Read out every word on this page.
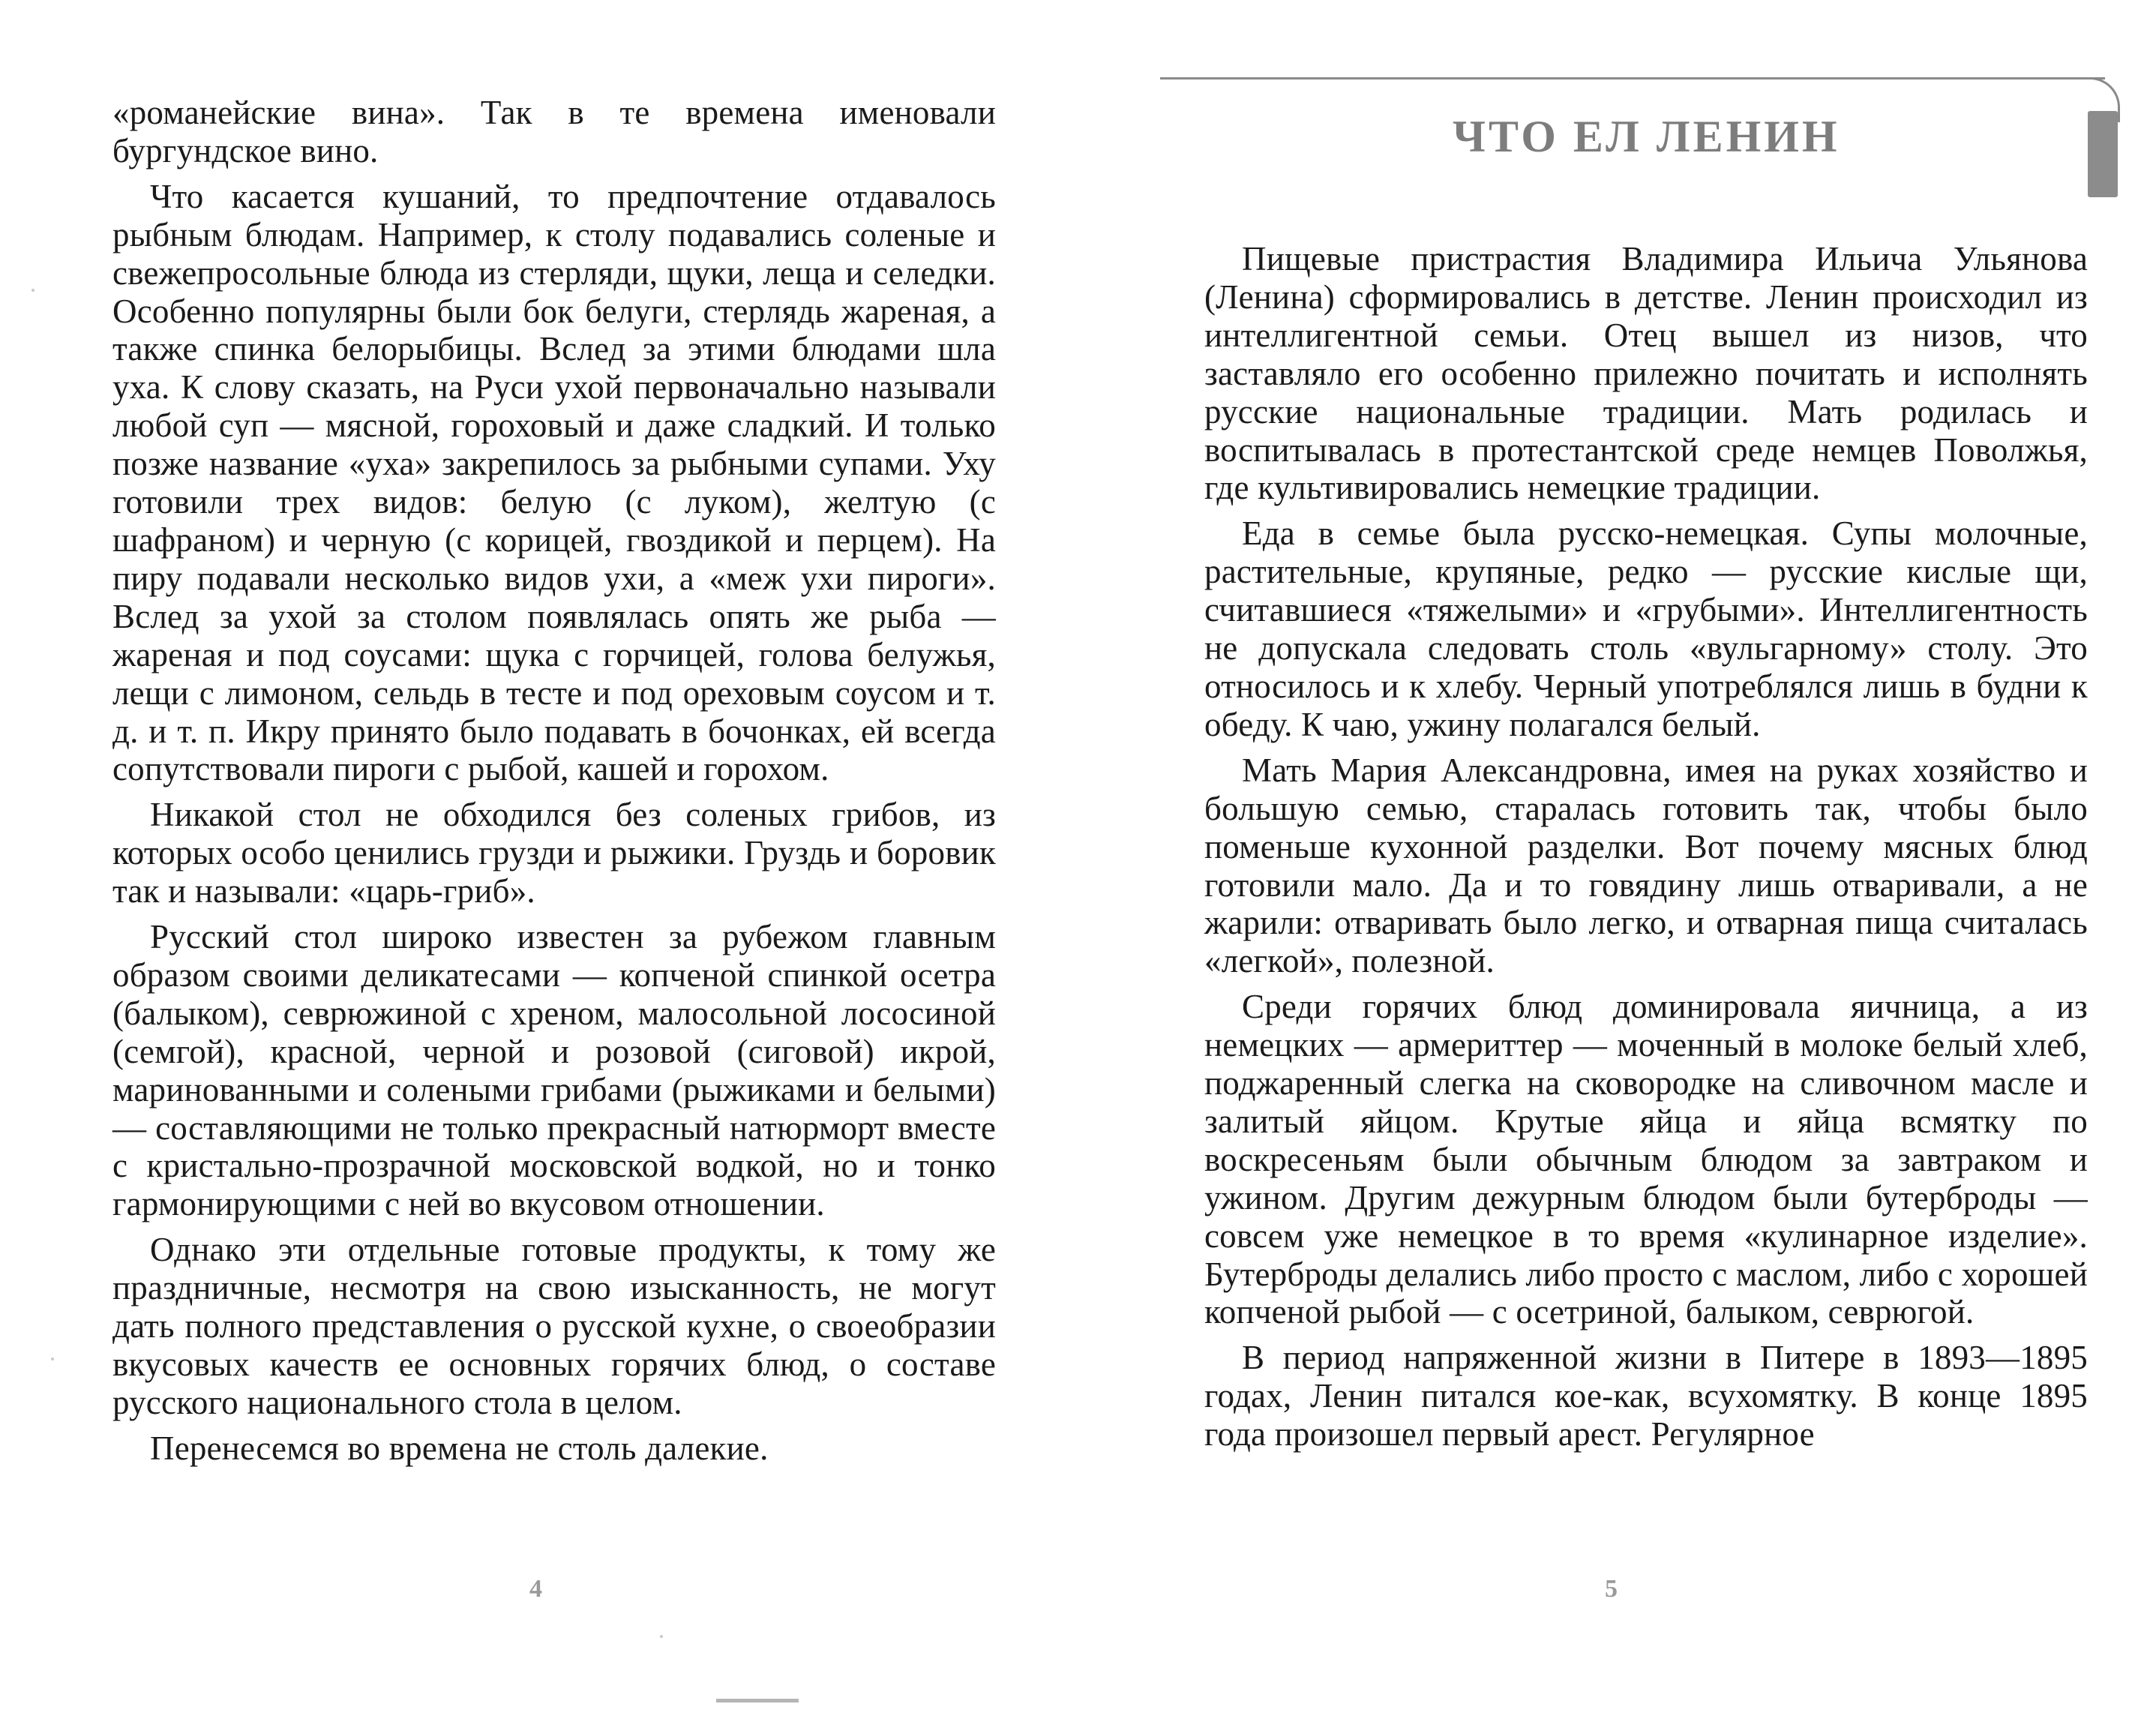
«романейские вина». Так в те времена именовали бургундское вино.

Что касается кушаний, то предпочтение отдавалось рыбным блюдам. Например, к столу подавались соленые и свежепросольные блюда из стерляди, щуки, леща и селедки. Особенно популярны были бок белуги, стерлядь жареная, а также спинка белорыбицы. Вслед за этими блюдами шла уха. К слову сказать, на Руси ухой первоначально называли любой суп — мясной, гороховый и даже сладкий. И только позже название «уха» закрепилось за рыбными супами. Уху готовили трех видов: белую (с луком), желтую (с шафраном) и черную (с корицей, гвоздикой и перцем). На пиру подавали несколько видов ухи, а «меж ухи пироги». Вслед за ухой за столом появлялась опять же рыба — жареная и под соусами: щука с горчицей, голова белужья, лещи с лимоном, сельдь в тесте и под ореховым соусом и т. д. и т. п. Икру принято было подавать в бочонках, ей всегда сопутствовали пироги с рыбой, кашей и горохом.

Никакой стол не обходился без соленых грибов, из которых особо ценились грузди и рыжики. Груздь и боровик так и называли: «царь-гриб».

Русский стол широко известен за рубежом главным образом своими деликатесами — копченой спинкой осетра (балыком), севрюжиной с хреном, малосольной лососиной (семгой), красной, черной и розовой (сиговой) икрой, маринованными и солеными грибами (рыжиками и белыми) — составляющими не только прекрасный натюрморт вместе с кристально-прозрачной московской водкой, но и тонко гармонирующими с ней во вкусовом отношении.

Однако эти отдельные готовые продукты, к тому же праздничные, несмотря на свою изысканность, не могут дать полного представления о русской кухне, о своеобразии вкусовых качеств ее основных горячих блюд, о составе русского национального стола в целом.

Перенесемся во времена не столь далекие.

4
ЧТО ЕЛ ЛЕНИН

Пищевые пристрастия Владимира Ильича Ульянова (Ленина) сформировались в детстве. Ленин происходил из интеллигентной семьи. Отец вышел из низов, что заставляло его особенно прилежно почитать и исполнять русские национальные традиции. Мать родилась и воспитывалась в протестантской среде немцев Поволжья, где культивировались немецкие традиции.

Еда в семье была русско-немецкая. Супы молочные, растительные, крупяные, редко — русские кислые щи, считавшиеся «тяжелыми» и «грубыми». Интеллигентность не допускала следовать столь «вульгарному» столу. Это относилось и к хлебу. Черный употреблялся лишь в будни к обеду. К чаю, ужину полагался белый.

Мать Мария Александровна, имея на руках хозяйство и большую семью, старалась готовить так, чтобы было поменьше кухонной разделки. Вот почему мясных блюд готовили мало. Да и то говядину лишь отваривали, а не жарили: отваривать было легко, и отварная пища считалась «легкой», полезной.

Среди горячих блюд доминировала яичница, а из немецких — армериттер — моченный в молоке белый хлеб, поджаренный слегка на сковородке на сливочном масле и залитый яйцом. Крутые яйца и яйца всмятку по воскресеньям были обычным блюдом за завтраком и ужином. Другим дежурным блюдом были бутерброды — совсем уже немецкое в то время «кулинарное изделие». Бутерброды делались либо просто с маслом, либо с хорошей копченой рыбой — с осетриной, балыком, севрюгой.

В период напряженной жизни в Питере в 1893—1895 годах, Ленин питался кое-как, всухомятку. В конце 1895 года произошел первый арест. Регулярное

5
